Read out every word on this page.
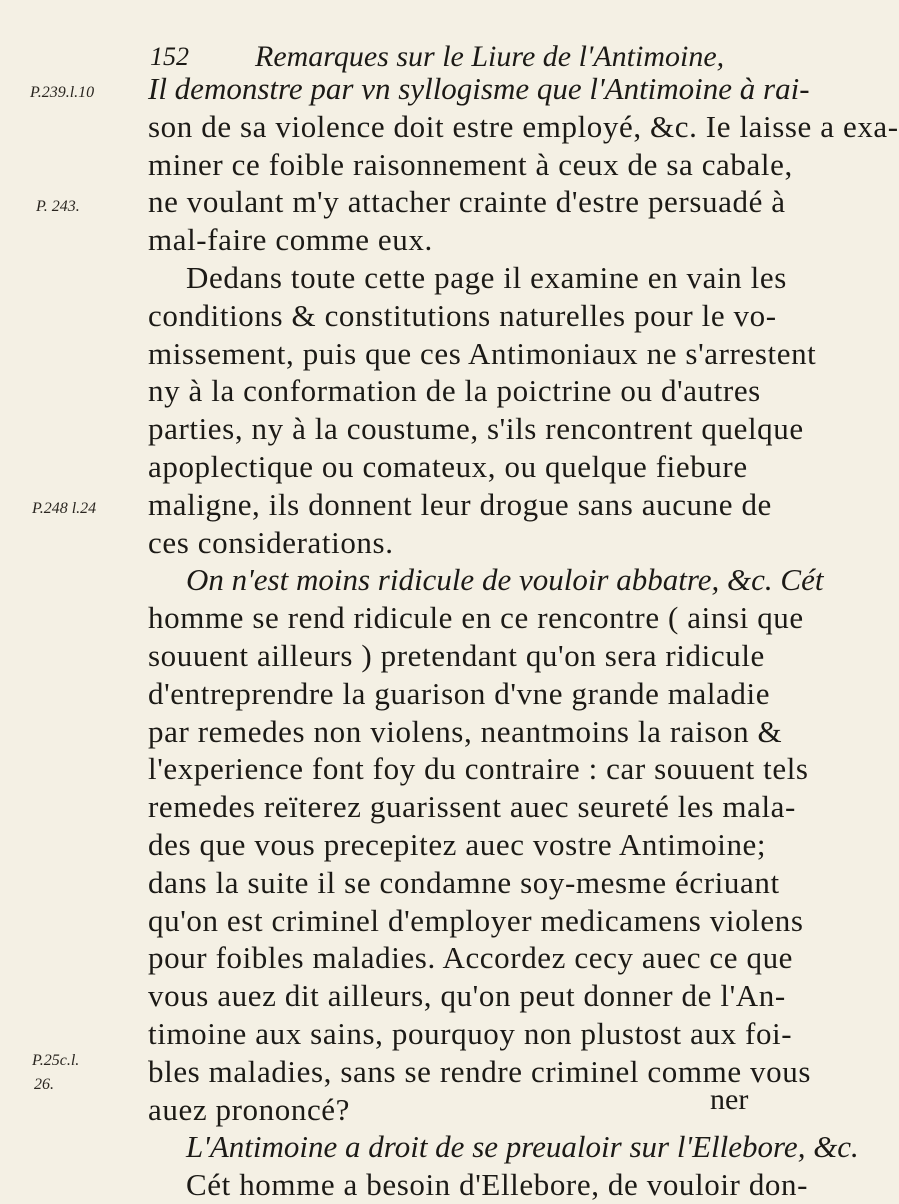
152 Remarques sur le Liure de l'Antimoine,
P.239.l.10
P. 243.
P.248 l.24
P.25c.l.
26.
Il demonstre par vn syllogisme que l'Antimoine à rai-
son de sa violence doit estre employé, &c. Ie laisse a exa-
miner ce foible raisonnement à ceux de sa cabale,
ne voulant m'y attacher crainte d'estre persuadé à
mal-faire comme eux.
Dedans toute cette page il examine en vain les
conditions & constitutions naturelles pour le vo-
missement, puis que ces Antimoniaux ne s'arrestent
ny à la conformation de la poictrine ou d'autres
parties, ny à la coustume, s'ils rencontrent quelque
apoplectique ou comateux, ou quelque fiebure
maligne, ils donnent leur drogue sans aucune de
ces considerations.
On n'est moins ridicule de vouloir abbatre, &c. Cét
homme se rend ridicule en ce rencontre ( ainsi que
souuent ailleurs ) pretendant qu'on sera ridicule
d'entreprendre la guarison d'vne grande maladie
par remedes non violens, neantmoins la raison &
l'experience font foy du contraire : car souuent tels
remedes reïterez guarissent auec seureté les mala-
des que vous precepitez auec vostre Antimoine;
dans la suite il se condamne soy-mesme écriuant
qu'on est criminel d'employer medicamens violens
pour foibles maladies. Accordez cecy auec ce que
vous auez dit ailleurs, qu'on peut donner de l'An-
timoine aux sains, pourquoy non plustost aux foi-
bles maladies, sans se rendre criminel comme vous
auez prononcé?
L'Antimoine a droit de se preualoir sur l'Ellebore, &c.
Cét homme a besoin d'Ellebore, de vouloir don-
ner
